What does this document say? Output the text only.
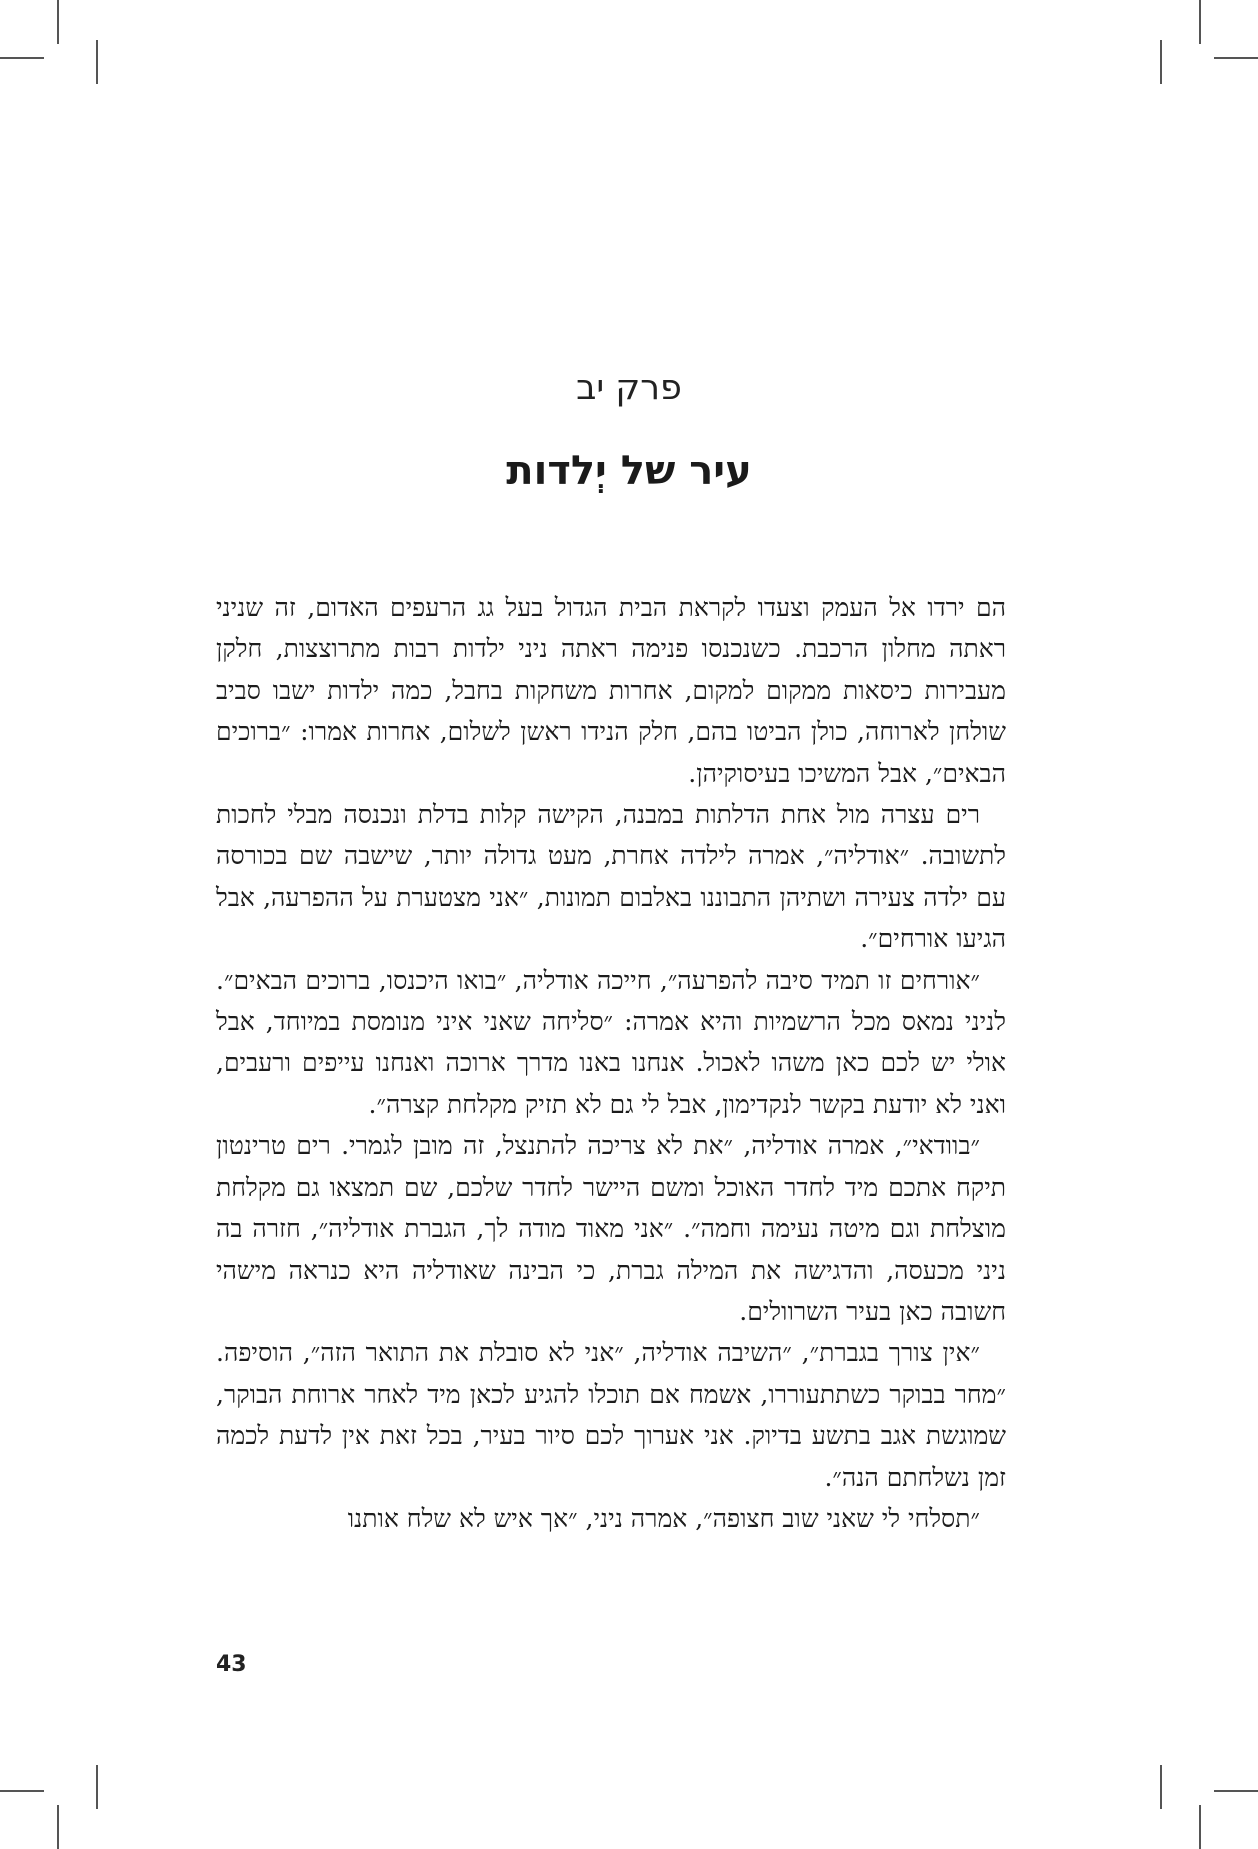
פרק יב
עיר של יְלדות

הם ירדו אל העמק וצעדו לקראת הבית הגדול בעל גג הרעפים האדום, זה שניני ראתה מחלון הרכבת. כשנכנסו פנימה ראתה ניני ילדות רבות מתרוצצות, חלקן מעבירות כיסאות ממקום למקום, אחרות משחקות בחבל, כמה ילדות ישבו סביב שולחן לארוחה, כולן הביטו בהם, חלק הנידו ראשן לשלום, אחרות אמרו: ״ברוכים הבאים״, אבל המשיכו בעיסוקיהן.

רים עצרה מול אחת הדלתות במבנה, הקישה קלות בדלת ונכנסה מבלי לחכות לתשובה. ״אודליה״, אמרה לילדה אחרת, מעט גדולה יותר, שישבה שם בכורסה עם ילדה צעירה ושתיהן התבוננו באלבום תמונות, ״אני מצטערת על ההפרעה, אבל הגיעו אורחים״.

״אורחים זו תמיד סיבה להפרעה״, חייכה אודליה, ״בואו היכנסו, ברוכים הבאים״. לניני נמאס מכל הרשמיות והיא אמרה: ״סליחה שאני איני מנומסת במיוחד, אבל אולי יש לכם כאן משהו לאכול. אנחנו באנו מדרך ארוכה ואנחנו עייפים ורעבים, ואני לא יודעת בקשר לנקדימון, אבל לי גם לא תזיק מקלחת קצרה״.

״בוודאי״, אמרה אודליה, ״את לא צריכה להתנצל, זה מובן לגמרי. רים טרינטון תיקח אתכם מיד לחדר האוכל ומשם היישר לחדר שלכם, שם תמצאו גם מקלחת מוצלחת וגם מיטה נעימה וחמה״. ״אני מאוד מודה לך, הגברת אודליה״, חזרה בה ניני מכעסה, והדגישה את המילה גברת, כי הבינה שאודליה היא כנראה מישהי חשובה כאן בעיר השרוולים.

״אין צורך בגברת״, ״השיבה אודליה, ״אני לא סובלת את התואר הזה״, הוסיפה. ״מחר בבוקר כשתתעוררו, אשמח אם תוכלו להגיע לכאן מיד לאחר ארוחת הבוקר, שמוגשת אגב בתשע בדיוק. אני אערוך לכם סיור בעיר, בכל זאת אין לדעת לכמה זמן נשלחתם הנה״.

״תסלחי לי שאני שוב חצופה״, אמרה ניני, ״אך איש לא שלח אותנו

43
